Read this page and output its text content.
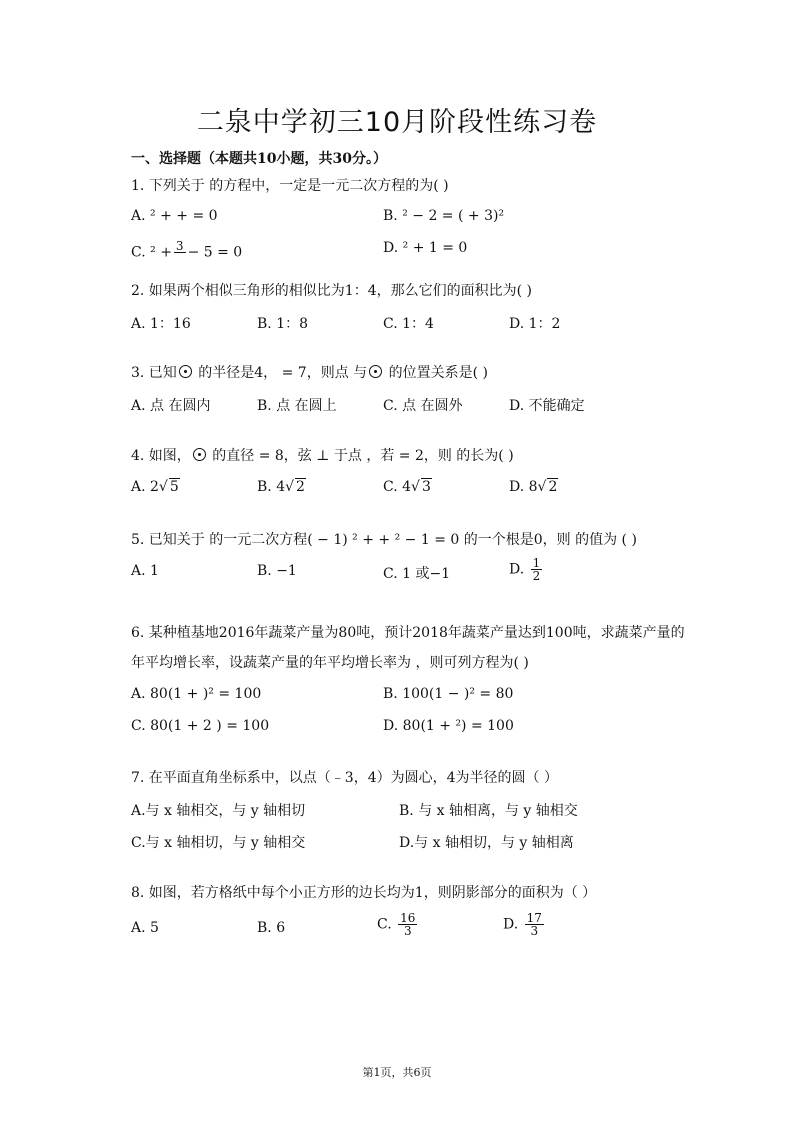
二泉中学初三10月阶段性练习卷
一、选择题（本题共10小题，共30分。）
1. 下列关于 的方程中，一定是一元二次方程的为( )
A. ² + + = 0	B. ² − 2 = ( + 3)²
C. ² + 3
− 5 = 0	D. ² + 1 = 0
2. 如果两个相似三角形的相似比为1：4，那么它们的面积比为( )
A. 1：16	B. 1：8	C. 1：4	D. 1：2
3. 已知 的半径是4， = 7，则点 与 的位置关系是( )
A. 点 在圆内	B. 点 在圆上	C. 点 在圆外	D. 不能确定
4. 如图， 的直径 = 8，弦 ⊥ 于点 ，若 = 2，则 的长为( )
A. 2√ 5	B. 4√ 2	C. 4√ 3	D. 8√ 2
5. 已知关于 的一元二次方程( − 1) ² + + ² − 1 = 0 的一个根是0，则 的值为 ( )
A. 1	B. −1	C. 1 或−1	D. $\frac{1}{2}$
6. 某种植基地2016年蔬菜产量为80吨，预计2018年蔬菜产量达到100吨，求蔬菜产量的年平均增长率，设蔬菜产量的年平均增长率为 ，则可列方程为( )
A. 80(1 + )² = 100	B. 100(1 − )² = 80
C. 80(1 + 2 ) = 100	D. 80(1 + ²) = 100
7. 在平面直角坐标系中，以点（﹣3，4）为圆心，4为半径的圆（ ）
A.与 x 轴相交，与 y 轴相切	B. 与 x 轴相离，与 y 轴相交
C.与 x 轴相切，与 y 轴相交	D.与 x 轴相切，与 y 轴相离
8. 如图，若方格纸中每个小正方形的边长均为1，则阴影部分的面积为（ ）
A. 5	B. 6	C. $\frac{16}{3}$	D. $\frac{17}{3}$
第1页，共6页
